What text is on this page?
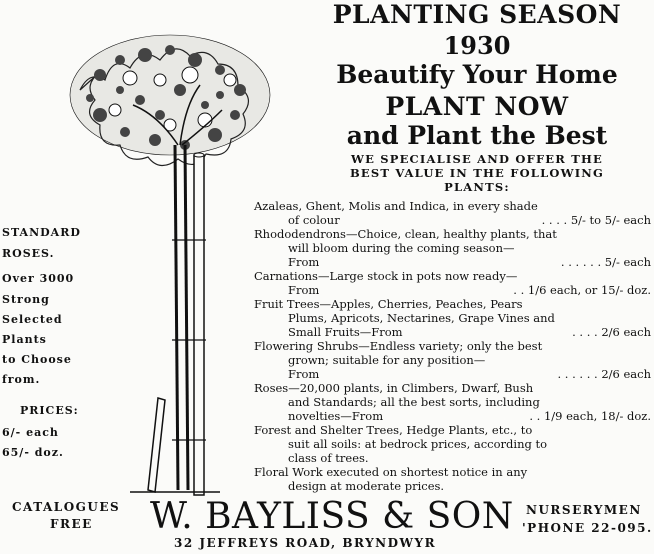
PLANTING SEASON
1930
Beautify Your Home
PLANT NOW
and Plant the Best
WE SPECIALISE AND OFFER THE
BEST VALUE IN THE FOLLOWING
PLANTS:
Azaleas, Ghent, Molis and Indica, in every shade
of colour	. . . . 5/- to 5/- each
Rhododendrons—Choice, clean, healthy plants, that
will bloom during the coming season—
From	. . . . . . 5/- each
Carnations—Large stock in pots now ready—
From	. . 1/6 each, or 15/- doz.
Fruit Trees—Apples, Cherries, Peaches, Pears
Plums, Apricots, Nectarines, Grape Vines and
Small Fruits—From	. . . . 2/6 each
Flowering Shrubs—Endless variety; only the best
grown; suitable for any position—
From	. . . . . . 2/6 each
Roses—20,000 plants, in Climbers, Dwarf, Bush
and Standards; all the best sorts, including
novelties—From	. . 1/9 each, 18/- doz.
Forest and Shelter Trees, Hedge Plants, etc., to
suit all soils: at bedrock prices, according to
class of trees.
Floral Work executed on shortest notice in any
design at moderate prices.
STANDARD
ROSES.
Over 3000
Strong
Selected
Plants
to Choose
from.
PRICES:
6/- each
65/- doz.
CATALOGUES
FREE W. BAYLISS & SON NURSERYMEN
'PHONE 22-095.
32 JEFFREYS ROAD, BRYNDWYR
